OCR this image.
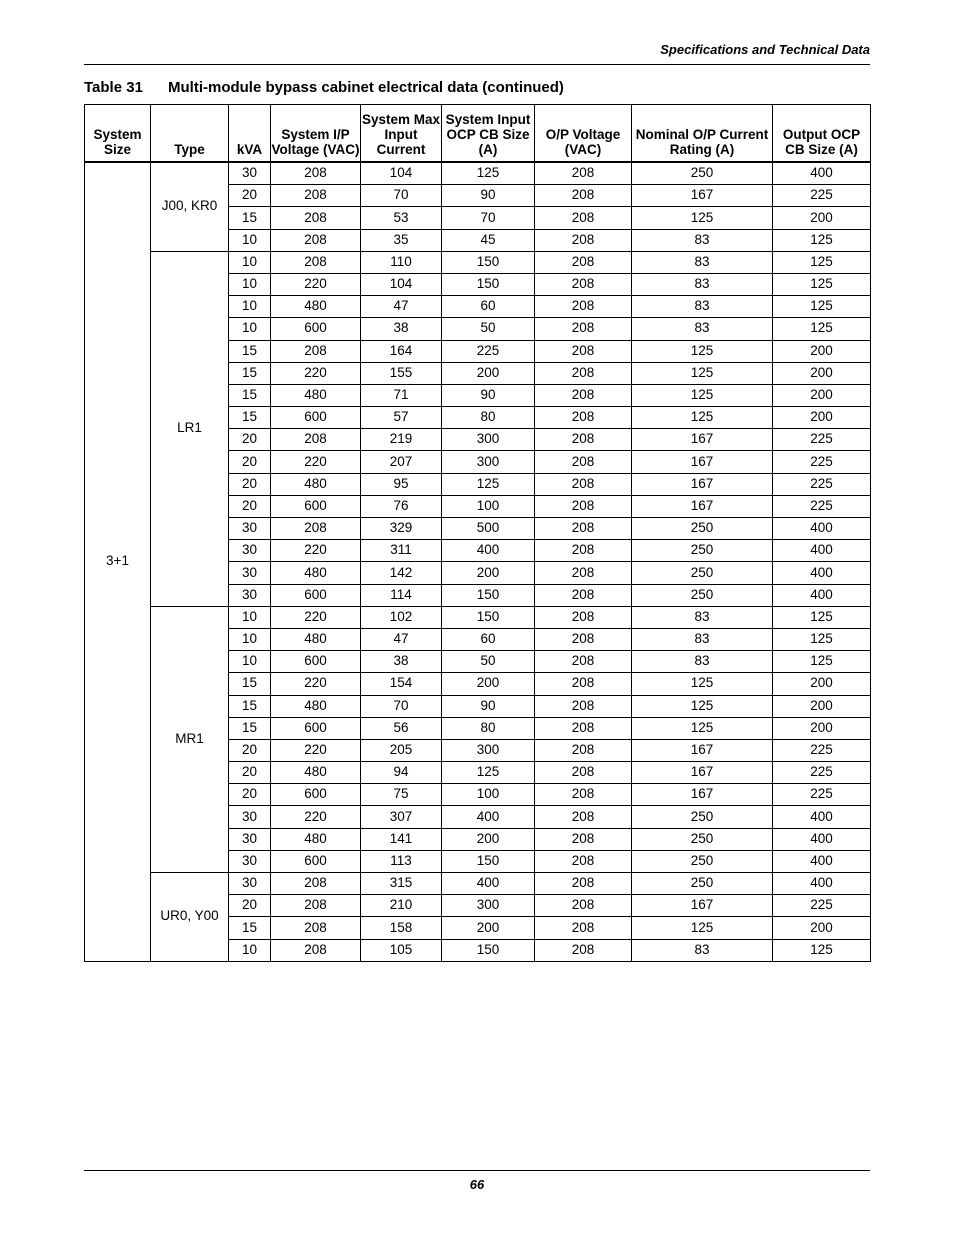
Specifications and Technical Data
Table 31 Multi-module bypass cabinet electrical data (continued)
System Size	Type	kVA	System I/P Voltage (VAC)	System Max Input Current	System Input OCP CB Size (A)	O/P Voltage (VAC)	Nominal O/P Current Rating (A)	Output OCP CB Size (A)
3+1	J00, KR0	30	208	104	125	208	250	400
		20	208	70	90	208	167	225
		15	208	53	70	208	125	200
		10	208	35	45	208	83	125
	LR1	10	208	110	150	208	83	125
		10	220	104	150	208	83	125
		10	480	47	60	208	83	125
		10	600	38	50	208	83	125
		15	208	164	225	208	125	200
		15	220	155	200	208	125	200
		15	480	71	90	208	125	200
		15	600	57	80	208	125	200
		20	208	219	300	208	167	225
		20	220	207	300	208	167	225
		20	480	95	125	208	167	225
		20	600	76	100	208	167	225
		30	208	329	500	208	250	400
		30	220	311	400	208	250	400
		30	480	142	200	208	250	400
		30	600	114	150	208	250	400
	MR1	10	220	102	150	208	83	125
		10	480	47	60	208	83	125
		10	600	38	50	208	83	125
		15	220	154	200	208	125	200
		15	480	70	90	208	125	200
		15	600	56	80	208	125	200
		20	220	205	300	208	167	225
		20	480	94	125	208	167	225
		20	600	75	100	208	167	225
		30	220	307	400	208	250	400
		30	480	141	200	208	250	400
		30	600	113	150	208	250	400
	UR0, Y00	30	208	315	400	208	250	400
		20	208	210	300	208	167	225
		15	208	158	200	208	125	200
		10	208	105	150	208	83	125
66
